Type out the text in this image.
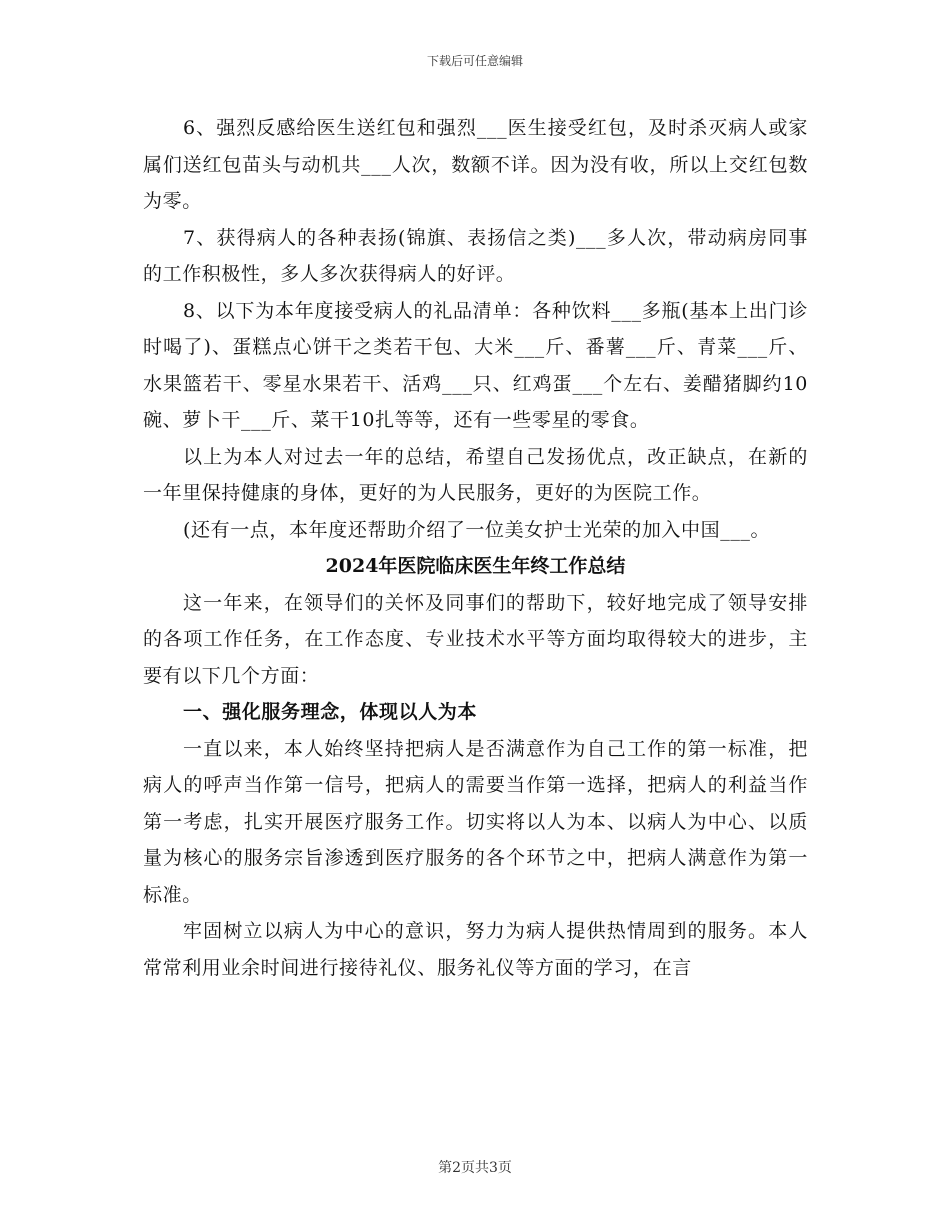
下载后可任意编辑

6、强烈反感给医生送红包和强烈___医生接受红包，及时杀灭病人或家属们送红包苗头与动机共___人次，数额不详。因为没有收，所以上交红包数为零。

7、获得病人的各种表扬(锦旗、表扬信之类)___多人次，带动病房同事的工作积极性，多人多次获得病人的好评。

8、以下为本年度接受病人的礼品清单：各种饮料___多瓶(基本上出门诊时喝了)、蛋糕点心饼干之类若干包、大米___斤、番薯___斤、青菜___斤、水果篮若干、零星水果若干、活鸡___只、红鸡蛋___个左右、姜醋猪脚约10碗、萝卜干___斤、菜干10扎等等，还有一些零星的零食。

以上为本人对过去一年的总结，希望自己发扬优点，改正缺点，在新的一年里保持健康的身体，更好的为人民服务，更好的为医院工作。

(还有一点，本年度还帮助介绍了一位美女护士光荣的加入中国___。

2024年医院临床医生年终工作总结

这一年来，在领导们的关怀及同事们的帮助下，较好地完成了领导安排的各项工作任务，在工作态度、专业技术水平等方面均取得较大的进步，主要有以下几个方面：

一、强化服务理念，体现以人为本

一直以来，本人始终坚持把病人是否满意作为自己工作的第一标准，把病人的呼声当作第一信号，把病人的需要当作第一选择，把病人的利益当作第一考虑，扎实开展医疗服务工作。切实将以人为本、以病人为中心、以质量为核心的服务宗旨渗透到医疗服务的各个环节之中，把病人满意作为第一标准。

牢固树立以病人为中心的意识，努力为病人提供热情周到的服务。本人常常利用业余时间进行接待礼仪、服务礼仪等方面的学习，在言

第2页共3页
